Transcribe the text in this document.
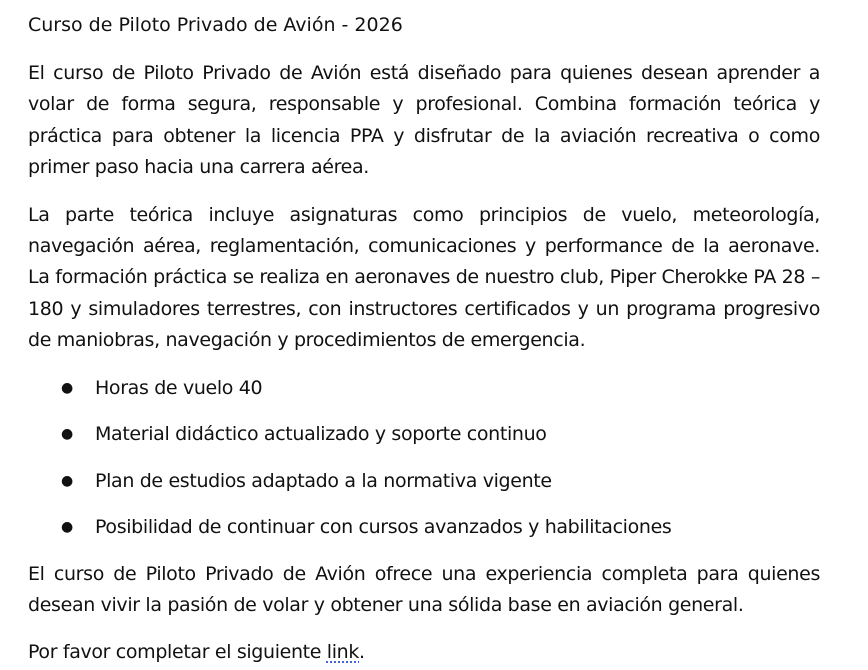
Curso de Piloto Privado de Avión - 2026

El curso de Piloto Privado de Avión está diseñado para quienes desean aprender a volar de forma segura, responsable y profesional. Combina formación teórica y práctica para obtener la licencia PPA y disfrutar de la aviación recreativa o como primer paso hacia una carrera aérea.

La parte teórica incluye asignaturas como principios de vuelo, meteorología, navegación aérea, reglamentación, comunicaciones y performance de la aeronave. La formación práctica se realiza en aeronaves de nuestro club, Piper Cherokke PA 28 – 180 y simuladores terrestres, con instructores certificados y un programa progresivo de maniobras, navegación y procedimientos de emergencia.

● Horas de vuelo 40
● Material didáctico actualizado y soporte continuo
● Plan de estudios adaptado a la normativa vigente
● Posibilidad de continuar con cursos avanzados y habilitaciones

El curso de Piloto Privado de Avión ofrece una experiencia completa para quienes desean vivir la pasión de volar y obtener una sólida base en aviación general.

Por favor completar el siguiente link.
